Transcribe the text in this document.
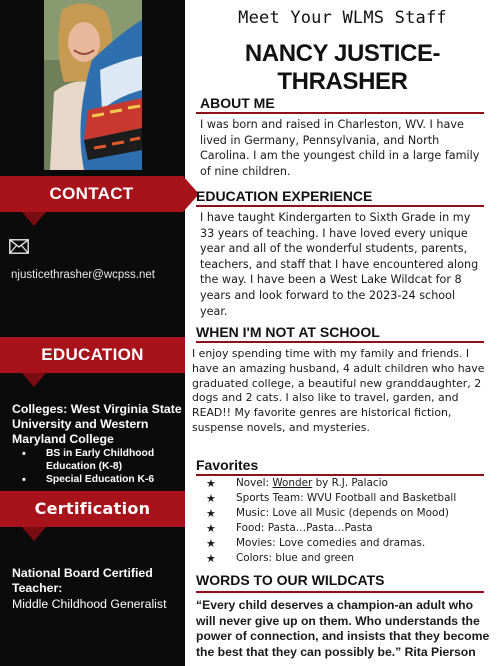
CONTACT
njusticethrasher@wcpss.net
EDUCATION
Colleges: West Virginia State University and Western Maryland College
• BS in Early Childhood Education (K-8)
• Special Education K-6
Certification
National Board Certified Teacher:
Middle Childhood Generalist
Meet Your WLMS Staff
NANCY JUSTICE-THRASHER
ABOUT ME
I was born and raised in Charleston, WV. I have lived in Germany, Pennsylvania, and North Carolina. I am the youngest child in a large family of nine children.
EDUCATION EXPERIENCE
I have taught Kindergarten to Sixth Grade in my 33 years of teaching. I have loved every unique year and all of the wonderful students, parents, teachers, and staff that I have encountered along the way. I have been a West Lake Wildcat for 8 years and look forward to the 2023-24 school year.
WHEN I'M NOT AT SCHOOL
I enjoy spending time with my family and friends. I have an amazing husband, 4 adult children who have graduated college, a beautiful new granddaughter, 2 dogs and 2 cats. I also like to travel, garden, and READ!! My favorite genres are historical fiction, suspense novels, and mysteries.
Favorites
★ Novel: Wonder by R.J. Palacio
★ Sports Team: WVU Football and Basketball
★ Music: Love all Music (depends on Mood)
★ Food: Pasta…Pasta…Pasta
★ Movies: Love comedies and dramas.
★ Colors: blue and green
WORDS TO OUR WILDCATS
“Every child deserves a champion-an adult who will never give up on them. Who understands the power of connection, and insists that they become the best that they can possibly be.” Rita Pierson
